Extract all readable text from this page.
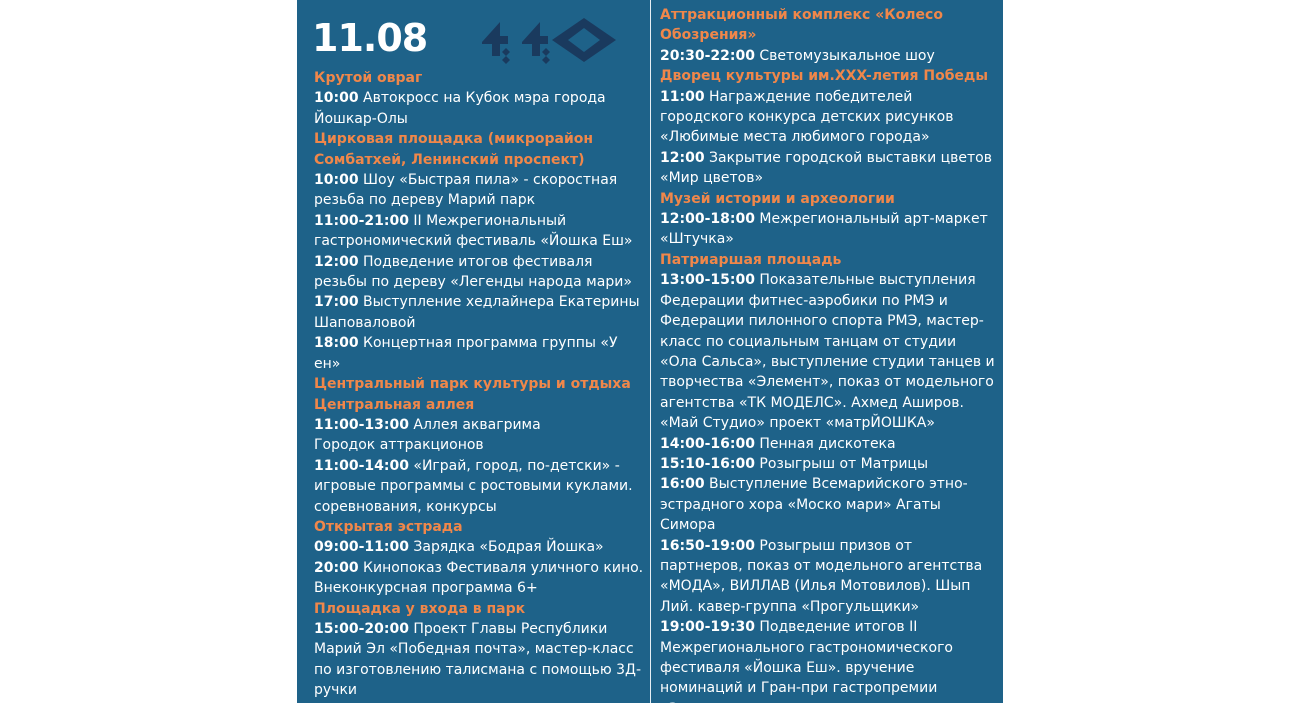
11.08
Крутой овраг
10:00 Автокросс на Кубок мэра города Йошкар-Олы
Цирковая площадка (микрорайон Сомбатхей, Ленинский проспект)
10:00 Шоу «Быстрая пила» - скоростная резьба по дереву Марий парк
11:00-21:00 II Межрегиональный гастрономический фестиваль «Йошка Еш»
12:00 Подведение итогов фестиваля резьбы по дереву «Легенды народа мари»
17:00 Выступление хедлайнера Екатерины Шаповаловой
18:00 Концертная программа группы «У ен»
Центральный парк культуры и отдыха
Центральная аллея
11:00-13:00 Аллея аквагрима
Городок аттракционов
11:00-14:00 «Играй, город, по-детски» - игровые программы с ростовыми куклами. соревнования, конкурсы
Открытая эстрада
09:00-11:00 Зарядка «Бодрая Йошка»
20:00 Кинопоказ Фестиваля уличного кино. Внеконкурсная программа 6+
Площадка у входа в парк
15:00-20:00 Проект Главы Республики Марий Эл «Победная почта», мастер-класс по изготовлению талисмана с помощью 3Д-ручки
Аттракционный комплекс «Колесо Обозрения»
20:30-22:00 Светомузыкальное шоу
Дворец культуры им.XXX-летия Победы
11:00 Награждение победителей городского конкурса детских рисунков «Любимые места любимого города»
12:00 Закрытие городской выставки цветов «Мир цветов»
Музей истории и археологии
12:00-18:00 Межрегиональный арт-маркет «Штучка»
Патриаршая площадь
13:00-15:00 Показательные выступления Федерации фитнес-аэробики по РМЭ и Федерации пилонного спорта РМЭ, мастер-класс по социальным танцам от студии «Ола Сальса», выступление студии танцев и творчества «Элемент», показ от модельного агентства «ТК МОДЕЛС». Ахмед Аширов. «Май Студио» проект «матрЙОШКА»
14:00-16:00 Пенная дискотека
15:10-16:00 Розыгрыш от Матрицы
16:00 Выступление Всемарийского этно-эстрадного хора «Моско мари» Агаты Симора
16:50-19:00 Розыгрыш призов от партнеров, показ от модельного агентства «МОДА», ВИЛЛАВ (Илья Мотовилов). Шып Лий. кавер-группа «Прогульщики»
19:00-19:30 Подведение итогов II Межрегионального гастрономического фестиваля «Йошка Еш». вручение номинаций и Гран-при гастропремии «Золотая тарелка»
